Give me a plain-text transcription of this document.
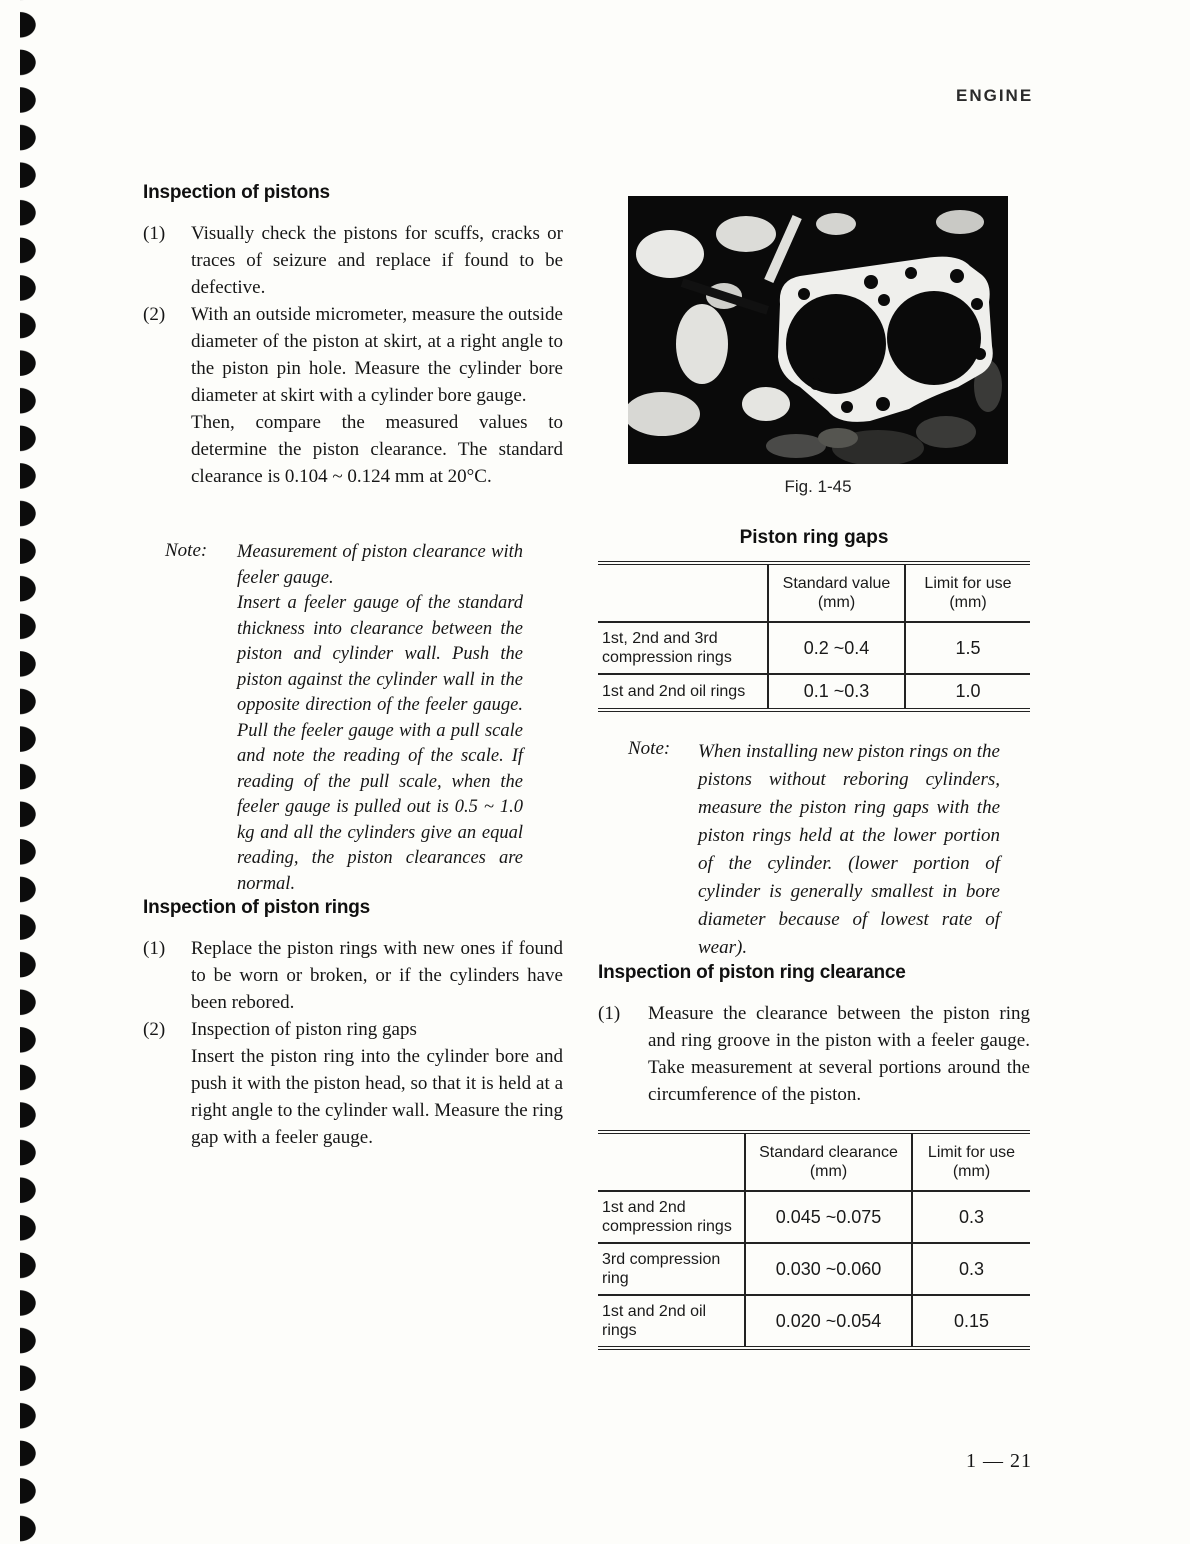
ENGINE
Inspection of pistons
(1)	Visually check the pistons for scuffs, cracks or traces of seizure and replace if found to be defective.

(2)	With an outside micrometer, measure the outside diameter of the piston at skirt, at a right angle to the piston pin hole. Measure the cylinder bore diameter at skirt with a cylinder bore gauge.

Then, compare the measured values to determine the piston clearance. The standard clearance is 0.104 ~ 0.124 mm at 20°C.

Note:	Measurement of piston clearance with feeler gauge.

Insert a feeler gauge of the standard thickness into clearance between the piston and cylinder wall. Push the piston against the cylinder wall in the opposite direction of the feeler gauge. Pull the feeler gauge with a pull scale and note the reading of the scale. If reading of the pull scale, when the feeler gauge is pulled out is 0.5 ~ 1.0 kg and all the cylinders give an equal reading, the piston clearances are normal.

Inspection of piston rings
(1)	Replace the piston rings with new ones if found to be worn or broken, or if the cylinders have been rebored.

(2)	Inspection of piston ring gaps

Insert the piston ring into the cylinder bore and push it with the piston head, so that it is held at a right angle to the cylinder wall. Measure the ring gap with a feeler gauge.

Fig. 1-45
Piston ring gaps
	Standard value (mm)	Limit for use (mm)
1st, 2nd and 3rd compression rings	0.2 ~0.4	1.5
1st and 2nd oil rings	0.1 ~0.3	1.0
Note:	When installing new piston rings on the pistons without reboring cylinders, measure the piston ring gaps with the piston rings held at the lower portion of the cylinder. (lower portion of cylinder is generally smallest in bore diameter because of lowest rate of wear).

Inspection of piston ring clearance
(1)	Measure the clearance between the piston ring and ring groove in the piston with a feeler gauge. Take measurement at several portions around the circumference of the piston.

	Standard clearance (mm)	Limit for use (mm)
1st and 2nd compression rings	0.045 ~0.075	0.3
3rd compression ring	0.030 ~0.060	0.3
1st and 2nd oil rings	0.020 ~0.054	0.15
1 — 21
